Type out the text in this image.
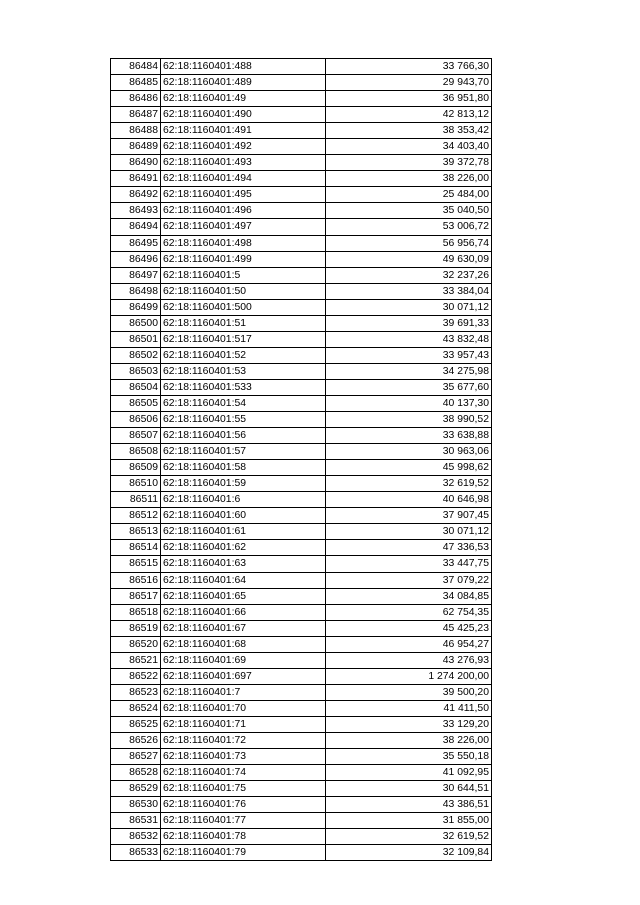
86484	62:18:1160401:488	33 766,30
86485	62:18:1160401:489	29 943,70
86486	62:18:1160401:49	36 951,80
86487	62:18:1160401:490	42 813,12
86488	62:18:1160401:491	38 353,42
86489	62:18:1160401:492	34 403,40
86490	62:18:1160401:493	39 372,78
86491	62:18:1160401:494	38 226,00
86492	62:18:1160401:495	25 484,00
86493	62:18:1160401:496	35 040,50
86494	62:18:1160401:497	53 006,72
86495	62:18:1160401:498	56 956,74
86496	62:18:1160401:499	49 630,09
86497	62:18:1160401:5	32 237,26
86498	62:18:1160401:50	33 384,04
86499	62:18:1160401:500	30 071,12
86500	62:18:1160401:51	39 691,33
86501	62:18:1160401:517	43 832,48
86502	62:18:1160401:52	33 957,43
86503	62:18:1160401:53	34 275,98
86504	62:18:1160401:533	35 677,60
86505	62:18:1160401:54	40 137,30
86506	62:18:1160401:55	38 990,52
86507	62:18:1160401:56	33 638,88
86508	62:18:1160401:57	30 963,06
86509	62:18:1160401:58	45 998,62
86510	62:18:1160401:59	32 619,52
86511	62:18:1160401:6	40 646,98
86512	62:18:1160401:60	37 907,45
86513	62:18:1160401:61	30 071,12
86514	62:18:1160401:62	47 336,53
86515	62:18:1160401:63	33 447,75
86516	62:18:1160401:64	37 079,22
86517	62:18:1160401:65	34 084,85
86518	62:18:1160401:66	62 754,35
86519	62:18:1160401:67	45 425,23
86520	62:18:1160401:68	46 954,27
86521	62:18:1160401:69	43 276,93
86522	62:18:1160401:697	1 274 200,00
86523	62:18:1160401:7	39 500,20
86524	62:18:1160401:70	41 411,50
86525	62:18:1160401:71	33 129,20
86526	62:18:1160401:72	38 226,00
86527	62:18:1160401:73	35 550,18
86528	62:18:1160401:74	41 092,95
86529	62:18:1160401:75	30 644,51
86530	62:18:1160401:76	43 386,51
86531	62:18:1160401:77	31 855,00
86532	62:18:1160401:78	32 619,52
86533	62:18:1160401:79	32 109,84
